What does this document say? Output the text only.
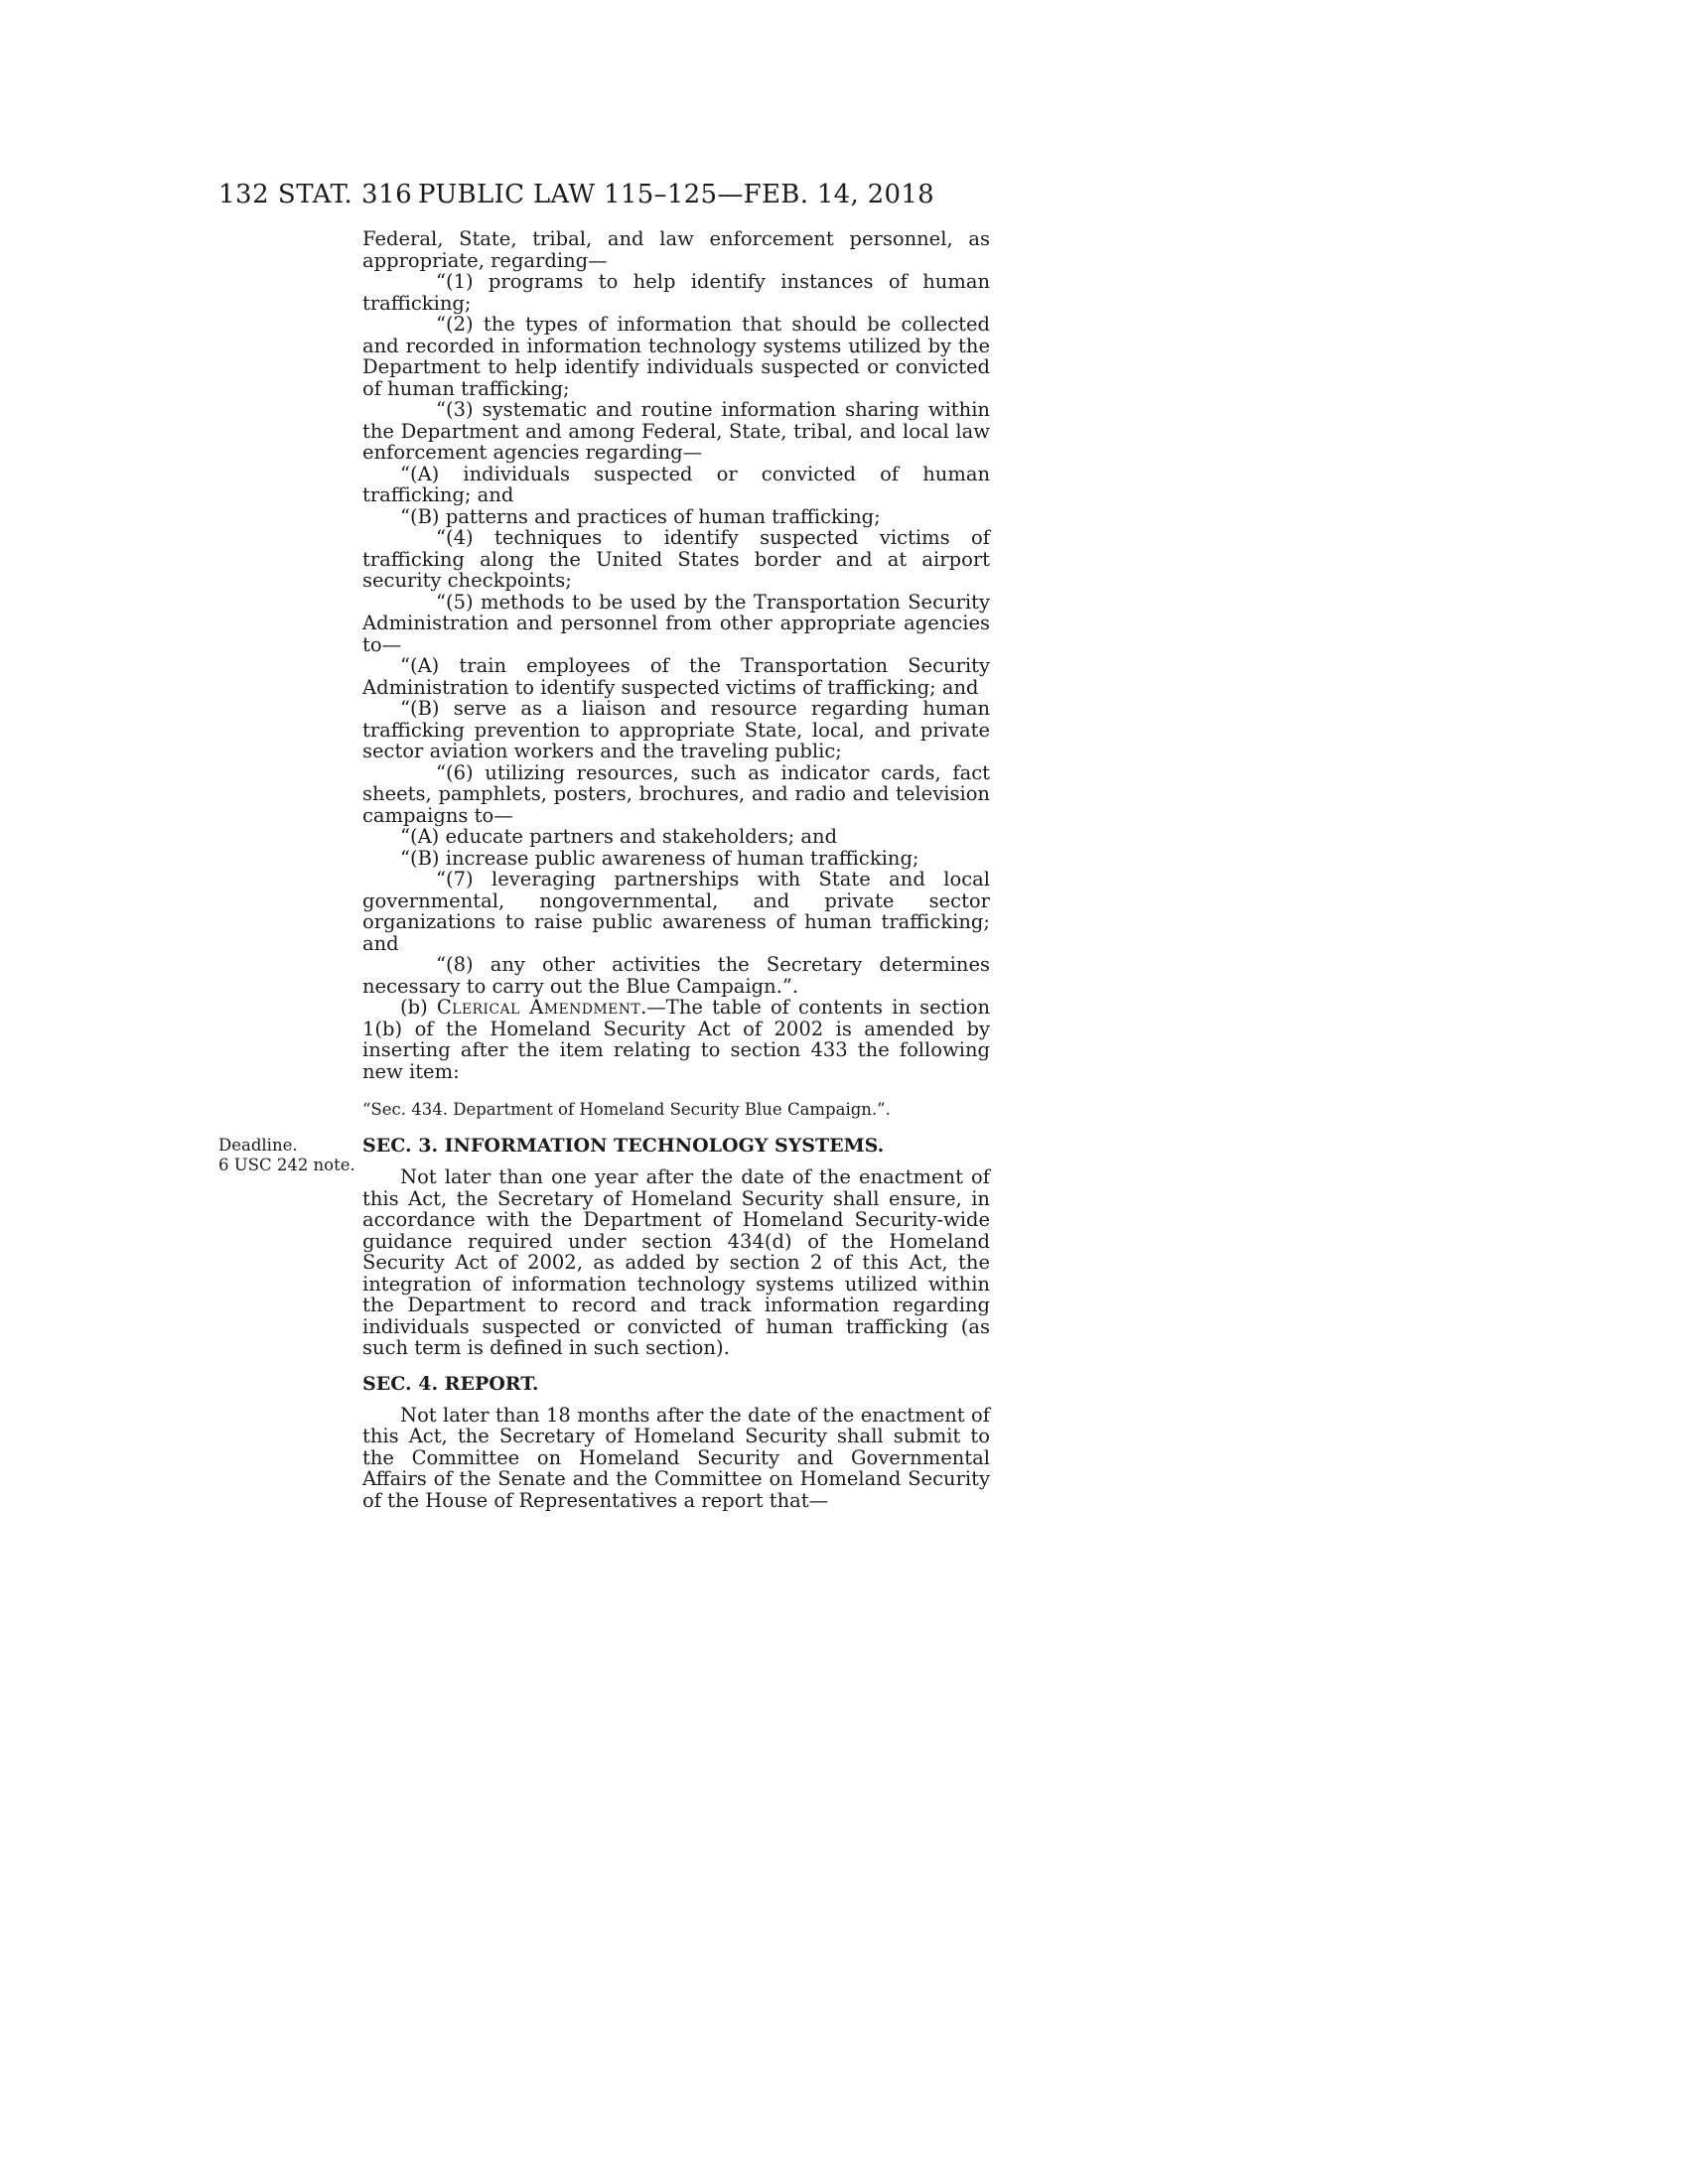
132 STAT. 316 PUBLIC LAW 115–125—FEB. 14, 2018

Federal, State, tribal, and law enforcement personnel, as appropriate, regarding—

“(1) programs to help identify instances of human trafficking;

“(2) the types of information that should be collected and recorded in information technology systems utilized by the Department to help identify individuals suspected or convicted of human trafficking;

“(3) systematic and routine information sharing within the Department and among Federal, State, tribal, and local law enforcement agencies regarding—

“(A) individuals suspected or convicted of human trafficking; and

“(B) patterns and practices of human trafficking;

“(4) techniques to identify suspected victims of trafficking along the United States border and at airport security checkpoints;

“(5) methods to be used by the Transportation Security Administration and personnel from other appropriate agencies to—

“(A) train employees of the Transportation Security Administration to identify suspected victims of trafficking; and

“(B) serve as a liaison and resource regarding human trafficking prevention to appropriate State, local, and private sector aviation workers and the traveling public;

“(6) utilizing resources, such as indicator cards, fact sheets, pamphlets, posters, brochures, and radio and television campaigns to—

“(A) educate partners and stakeholders; and

“(B) increase public awareness of human trafficking;

“(7) leveraging partnerships with State and local governmental, nongovernmental, and private sector organizations to raise public awareness of human trafficking; and

“(8) any other activities the Secretary determines necessary to carry out the Blue Campaign.”.

(b) Clerical Amendment.—The table of contents in section 1(b) of the Homeland Security Act of 2002 is amended by inserting after the item relating to section 433 the following new item:

“Sec. 434. Department of Homeland Security Blue Campaign.”.

SEC. 3. INFORMATION TECHNOLOGY SYSTEMS.
Deadline.
6 USC 242 note.

Not later than one year after the date of the enactment of this Act, the Secretary of Homeland Security shall ensure, in accordance with the Department of Homeland Security-wide guidance required under section 434(d) of the Homeland Security Act of 2002, as added by section 2 of this Act, the integration of information technology systems utilized within the Department to record and track information regarding individuals suspected or convicted of human trafficking (as such term is defined in such section).

SEC. 4. REPORT.

Not later than 18 months after the date of the enactment of this Act, the Secretary of Homeland Security shall submit to the Committee on Homeland Security and Governmental Affairs of the Senate and the Committee on Homeland Security of the House of Representatives a report that—
